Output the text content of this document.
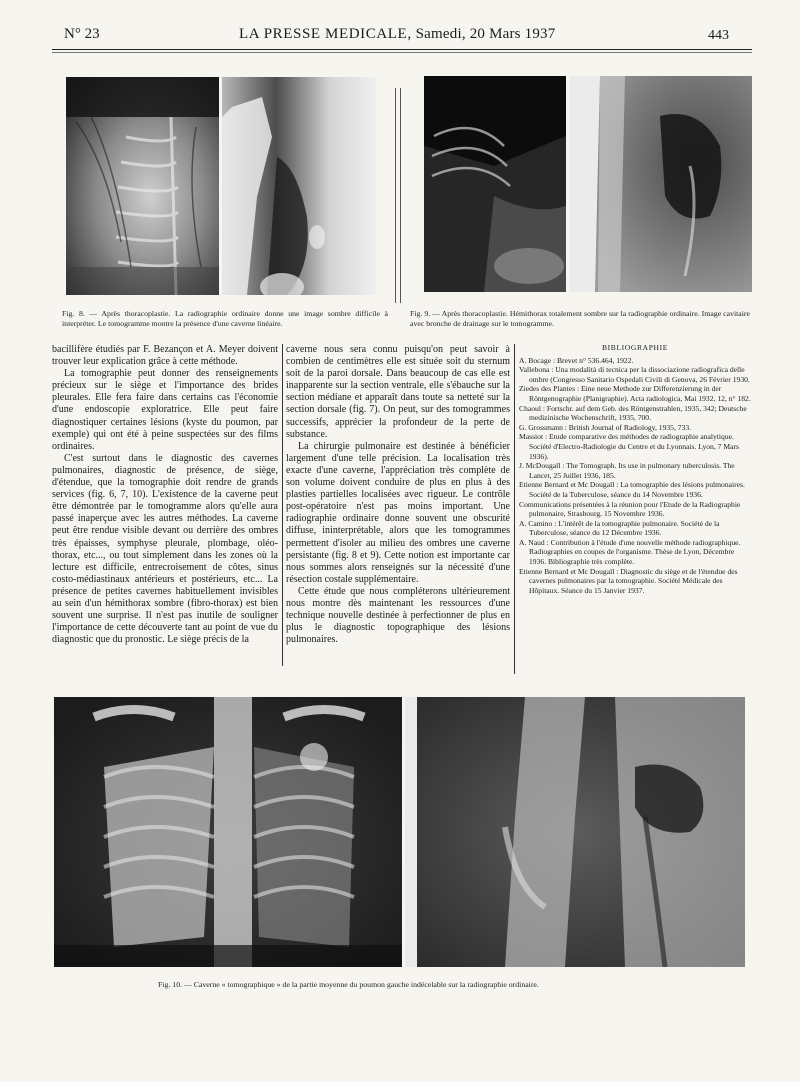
N° 23	LA PRESSE MEDICALE, Samedi, 20 Mars 1937	443
Fig. 8. — Après thoracoplastie. La radiographie ordinaire donne une image sombre difficile à interpréter. Le tomogramme montre la présence d'une caverne linéaire.
Fig. 9. — Après thoracoplastie. Hémithorax totalement sombre sur la radiographie ordinaire. Image cavitaire avec bronche de drainage sur le tomogramme.

bacillifère étudiés par F. Bezançon et A. Meyer doivent trouver leur explication grâce à cette méthode.

La tomographie peut donner des renseignements précieux sur le siège et l'importance des brides pleurales. Elle fera faire dans certains cas l'économie d'une endoscopie exploratrice. Elle peut faire diagnostiquer certaines lésions (kyste du poumon, par exemple) qui ont été à peine suspectées sur des films ordinaires.

C'est surtout dans le diagnostic des cavernes pulmonaires, diagnostic de présence, de siège, d'étendue, que la tomographie doit rendre de grands services (fig. 6, 7, 10). L'existence de la caverne peut être démontrée par le tomogramme alors qu'elle aura passé inaperçue avec les autres méthodes. La caverne peut être rendue visible devant ou derrière des ombres très épaisses, symphyse pleurale, plombage, oléo-thorax, etc..., ou tout simplement dans les zones où la lecture est difficile, entrecroisement de côtes, sinus costo-médiastinaux antérieurs et postérieurs, etc... La présence de petites cavernes habituellement invisibles au sein d'un hémithorax sombre (fibro-thorax) est bien souvent une surprise. Il n'est pas inutile de souligner l'importance de cette découverte tant au point de vue du diagnostic que du pronostic. Le siège précis de la

caverne nous sera connu puisqu'on peut savoir à combien de centimètres elle est située soit du sternum soit de la paroi dorsale. Dans beaucoup de cas elle est inapparente sur la section ventrale, elle s'ébauche sur la section médiane et apparaît dans toute sa netteté sur la section dorsale (fig. 7). On peut, sur des tomogrammes successifs, apprécier la profondeur de la perte de substance.

La chirurgie pulmonaire est destinée à bénéficier largement d'une telle précision. La localisation très exacte d'une caverne, l'appréciation très complète de son volume doivent conduire de plus en plus à des plasties partielles localisées avec rigueur. Le contrôle post-opératoire n'est pas moins important. Une radiographie ordinaire donne souvent une obscurité diffuse, ininterprétable, alors que les tomogrammes permettent d'isoler au milieu des ombres une caverne persistante (fig. 8 et 9). Cette notion est importante car nous sommes alors renseignés sur la nécessité d'une résection costale supplémentaire.

Cette étude que nous compléterons ultérieurement nous montre dès maintenant les ressources d'une technique nouvelle destinée à perfectionner de plus en plus le diagnostic topographique des lésions pulmonaires.

BIBLIOGRAPHIE

A. Bocage : Brevet n° 536.464, 1922.

Vallebona : Una modalità di tecnica per la dissociazione radiografica delle ombre (Congresso Sanitario Ospedali Civili di Genova, 26 Février 1930.

Ziedes des Plantes : Eine neue Methode zur Differenzierung in der Röntgenographie (Planigraphie). Acta radiologica, Mai 1932, 12, n° 182.

Chaoul : Fortschr. auf dem Geb. des Röntgenstrahlen, 1935, 342; Deutsche medizinische Wochenschrift, 1935, 700.

G. Grossmann : British Journal of Radiology, 1935, 733.

Massiot : Etude comparative des méthodes de radiographie analytique. Société d'Electro-Radiologie du Centre et du Lyonnais. Lyon, 7 Mars 1936).

J. McDougall : The Tomograph. Its use in pulmonary tuberculosis. The Lancet, 25 Juillet 1936, 185.

Etienne Bernard et Mc Dougall : La tomographie des lésions pulmonaires. Société de la Tuberculose, séance du 14 Novembre 1936.

Communications présentées à la réunion pour l'Etude de la Radiographie pulmonaire, Strasbourg, 15 Novembre 1936.

A. Camino : L'intérêt de la tomographie pulmonaire. Société de la Tuberculose, séance du 12 Décembre 1936.

A. Naud : Contribution à l'étude d'une nouvelle méthode radiographique. Radiographies en coupes de l'organisme. Thèse de Lyon, Décembre 1936. Bibliographie très complète.

Etienne Bernard et Mc Dougall : Diagnostic du siège et de l'étendue des cavernes pulmonaires par la tomographie. Société Médicale des Hôpitaux. Séance du 15 Janvier 1937.

Fig. 10. — Caverne « tomographique » de la partie moyenne du poumon gauche indécelable sur la radiographie ordinaire.
